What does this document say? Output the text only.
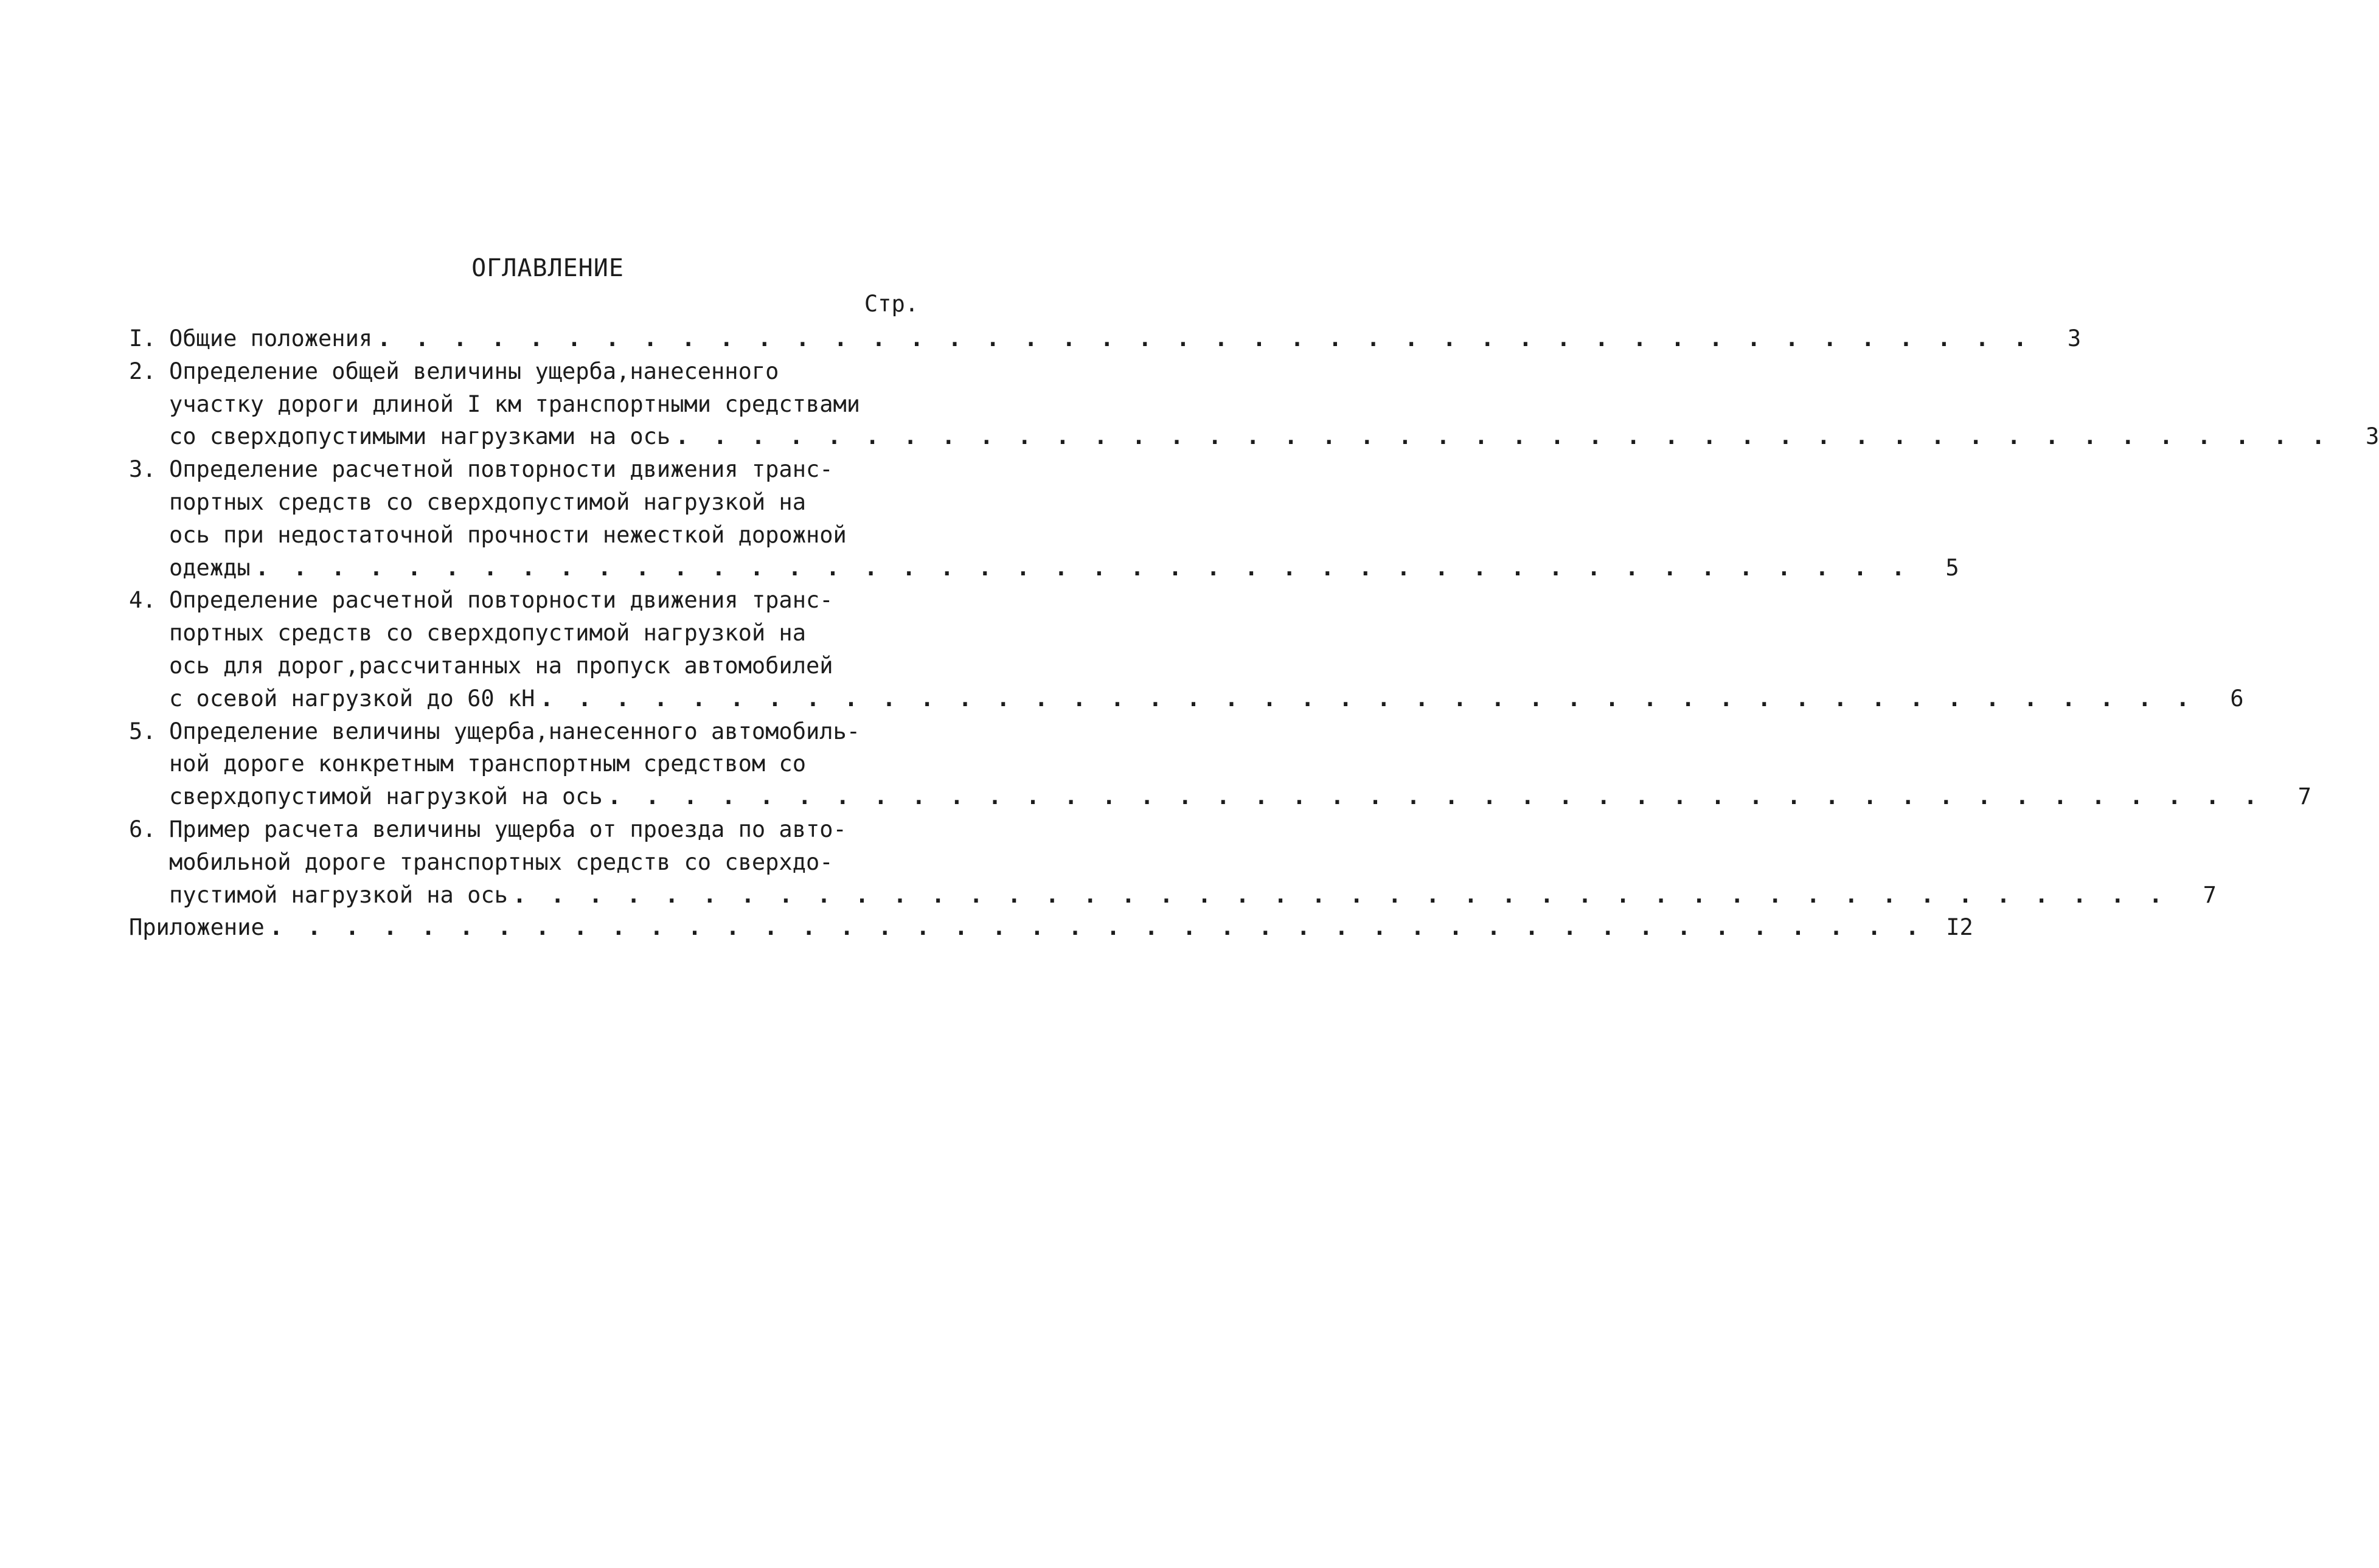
ОГЛАВЛЕНИЕ
Стр.
I. Общие положения . . . . . . . . . . . . . . . . . . . . . . . . . . . . . . . . . . . . . . . . . . . .	3
2. Определение общей величины ущерба,нанесенного
участку дороги длиной I км транспортными средствами
со сверхдопустимыми нагрузками на ось . . . . . . . . . . . . . . . . . . . . . . . . . . . . . . . . . . . . . . . . . . . .	3
3. Определение расчетной повторности движения транс-
портных средств со сверхдопустимой нагрузкой на
ось при недостаточной прочности нежесткой дорожной
одежды . . . . . . . . . . . . . . . . . . . . . . . . . . . . . . . . . . . . . . . . . . . .	5
4. Определение расчетной повторности движения транс-
портных средств со сверхдопустимой нагрузкой на
ось для дорог,рассчитанных на пропуск автомобилей
с осевой нагрузкой до 60 кН . . . . . . . . . . . . . . . . . . . . . . . . . . . . . . . . . . . . . . . . . . . .	6
5. Определение величины ущерба,нанесенного автомобиль-
ной дороге конкретным транспортным средством со
сверхдопустимой нагрузкой на ось . . . . . . . . . . . . . . . . . . . . . . . . . . . . . . . . . . . . . . . . . . . .	7
6. Пример расчета величины ущерба от проезда по авто-
мобильной дороге транспортных средств со сверхдо-
пустимой нагрузкой на ось . . . . . . . . . . . . . . . . . . . . . . . . . . . . . . . . . . . . . . . . . . . .	7
Приложение . . . . . . . . . . . . . . . . . . . . . . . . . . . . . . . . . . . . . . . . . . . . I2
